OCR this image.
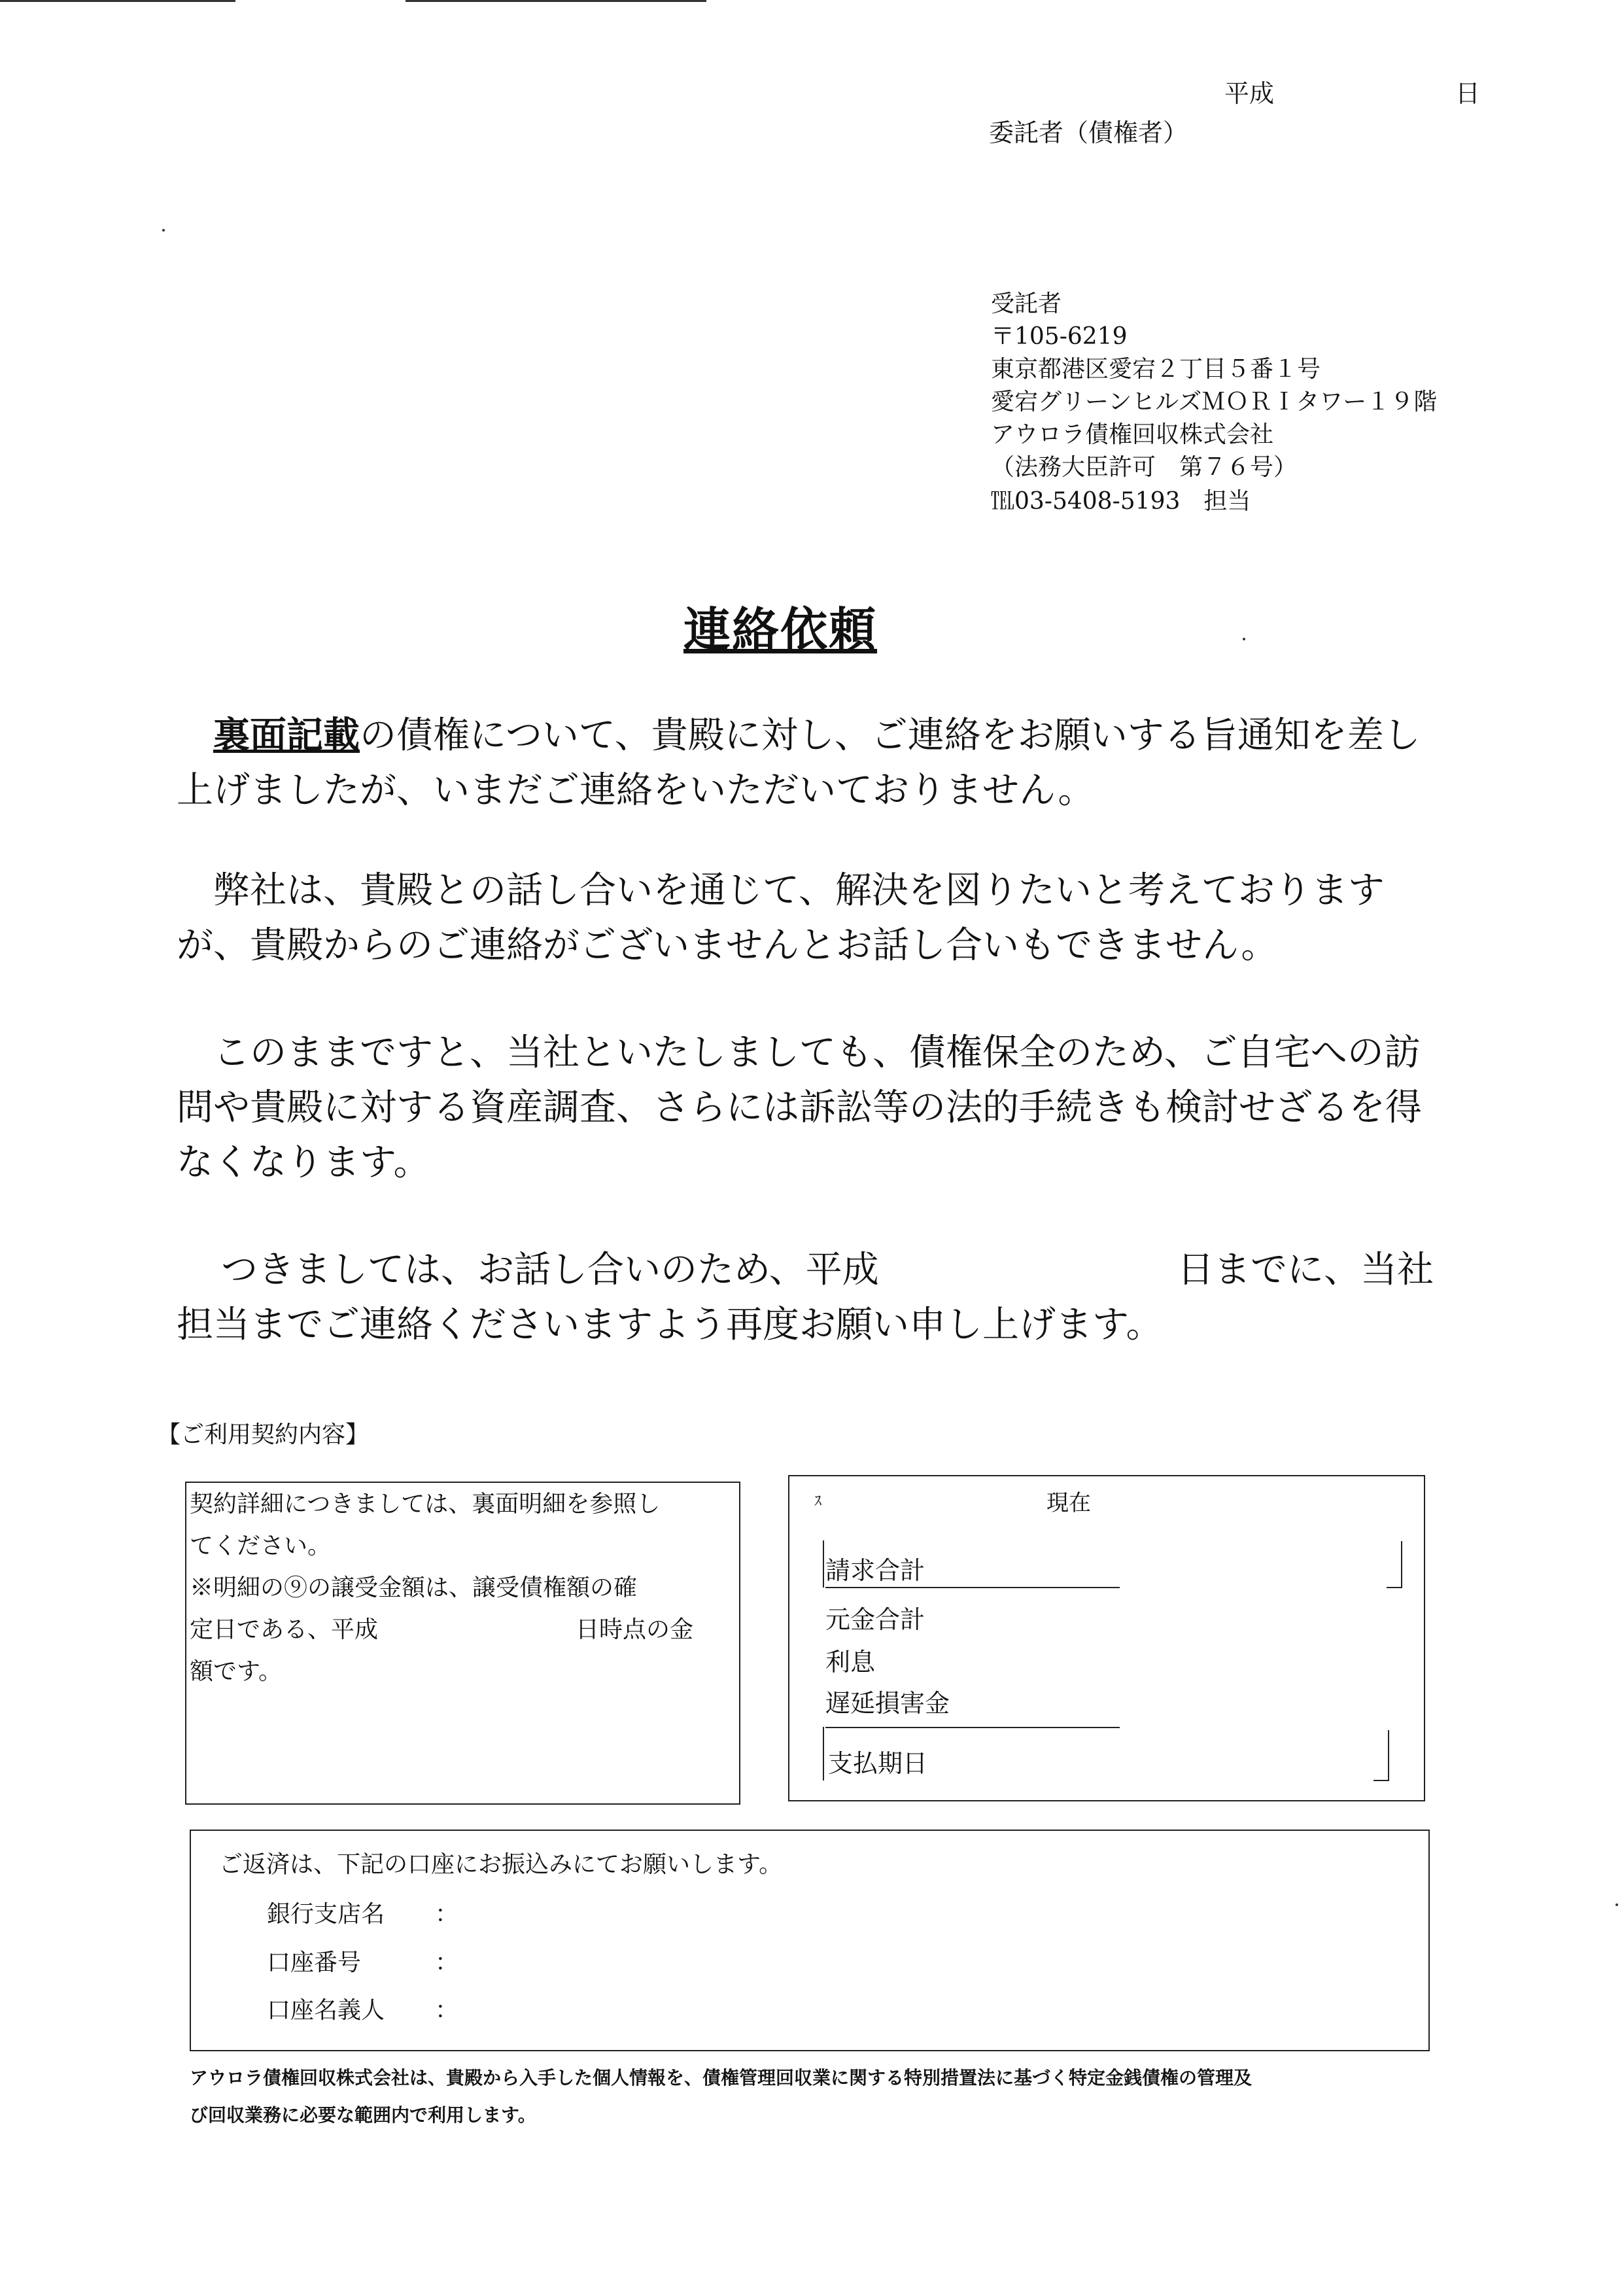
平成	日
委託者（債権者）
受託者
〒105-6219
東京都港区愛宕２丁目５番１号
愛宕グリーンヒルズＭＯＲＩタワー１９階
アウロラ債権回収株式会社
（法務大臣許可　第７６号）
℡03-5408-5193　担当
連絡依頼
裏面記載の債権について、貴殿に対し、ご連絡をお願いする旨通知を差し上げましたが、いまだご連絡をいただいておりません。
弊社は、貴殿との話し合いを通じて、解決を図りたいと考えておりますが、貴殿からのご連絡がございませんとお話し合いもできません。
このままですと、当社といたしましても、債権保全のため、ご自宅への訪問や貴殿に対する資産調査、さらには訴訟等の法的手続きも検討せざるを得なくなります。
つきましては、お話し合いのため、平成	日までに、当社
担当までご連絡くださいますよう再度お願い申し上げます。
【ご利用契約内容】
契約詳細につきましては、裏面明細を参照し
てください。
※明細の⑨の譲受金額は、譲受債権額の確
定日である、平成	日時点の金
額です。
ｽ	現在
請求合計
元金合計
利息
遅延損害金
支払期日
ご返済は、下記の口座にお振込みにてお願いします。
銀行支店名 ：
口座番号	：
口座名義人 ：
アウロラ債権回収株式会社は、貴殿から入手した個人情報を、債権管理回収業に関する特別措置法に基づく特定金銭債権の管理及
び回収業務に必要な範囲内で利用します。
